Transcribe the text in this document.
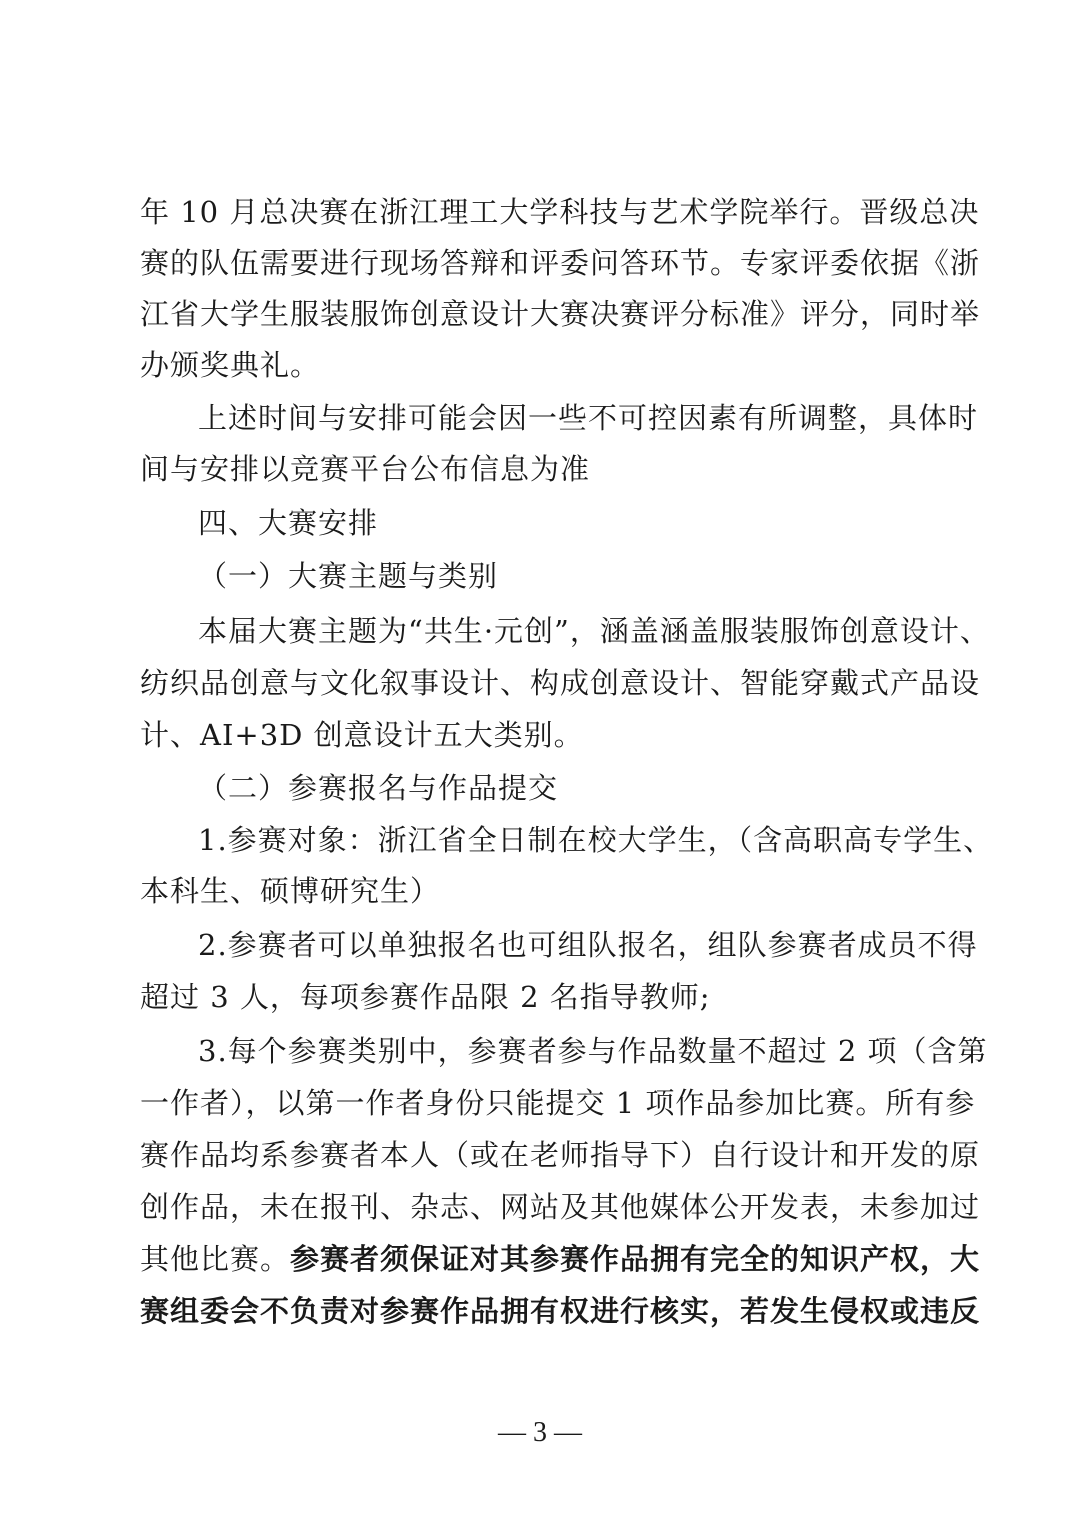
年 10 月总决赛在浙江理工大学科技与艺术学院举行。晋级总决
赛的队伍需要进行现场答辩和评委问答环节。专家评委依据《浙
江省大学生服装服饰创意设计大赛决赛评分标准》评分，同时举
办颁奖典礼。
上述时间与安排可能会因一些不可控因素有所调整，具体时
间与安排以竞赛平台公布信息为准
四、大赛安排
（一）大赛主题与类别
本届大赛主题为“共生·元创”，涵盖涵盖服装服饰创意设计、
纺织品创意与文化叙事设计、构成创意设计、智能穿戴式产品设
计、AI+3D 创意设计五大类别。
（二）参赛报名与作品提交
1.参赛对象：浙江省全日制在校大学生，（含高职高专学生、
本科生、硕博研究生）
2.参赛者可以单独报名也可组队报名，组队参赛者成员不得
超过 3 人，每项参赛作品限 2 名指导教师;
3.每个参赛类别中，参赛者参与作品数量不超过 2 项（含第
一作者），以第一作者身份只能提交 1 项作品参加比赛。所有参
赛作品均系参赛者本人（或在老师指导下）自行设计和开发的原
创作品，未在报刊、杂志、网站及其他媒体公开发表，未参加过
其他比赛。参赛者须保证对其参赛作品拥有完全的知识产权，大
赛组委会不负责对参赛作品拥有权进行核实，若发生侵权或违反
— 3 —
